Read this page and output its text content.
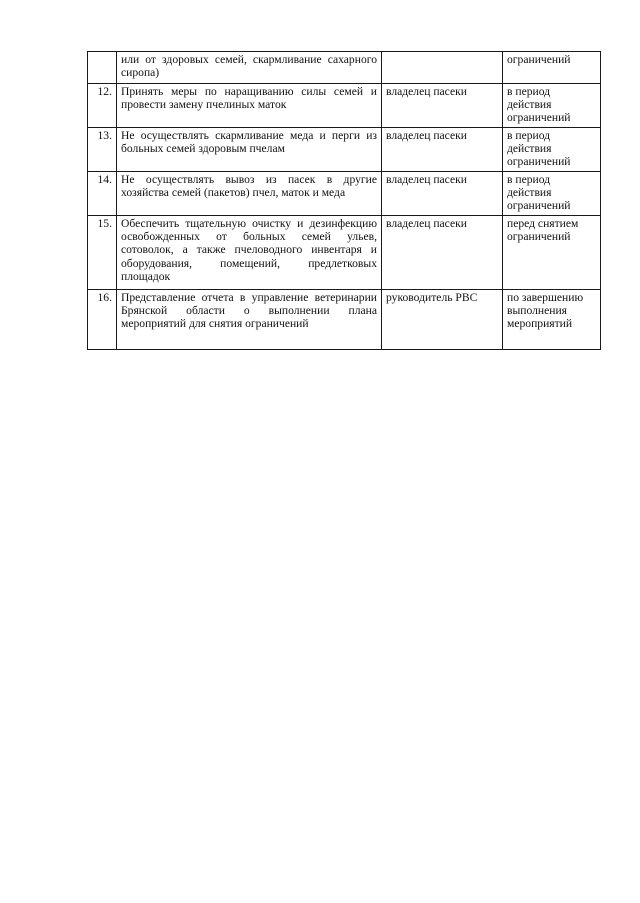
	или от здоровых семей, скармливание сахарного сиропа)		ограничений
12.	Принять меры по наращиванию силы семей и провести замену пчелиных маток	владелец пасеки	в период действия ограничений
13.	Не осуществлять скармливание меда и перги из больных семей здоровым пчелам	владелец пасеки	в период действия ограничений
14.	Не осуществлять вывоз из пасек в другие хозяйства семей (пакетов) пчел, маток и меда	владелец пасеки	в период действия ограничений
15.	Обеспечить тщательную очистку и дезинфекцию освобожденных от больных семей ульев, сотоволок, а также пчеловодного инвентаря и оборудования, помещений, предлетковых площадок	владелец пасеки	перед снятием ограничений
16.	Представление отчета в управление ветеринарии Брянской области о выполнении плана мероприятий для снятия ограничений	руководитель РВС	по завершению выполнения мероприятий
